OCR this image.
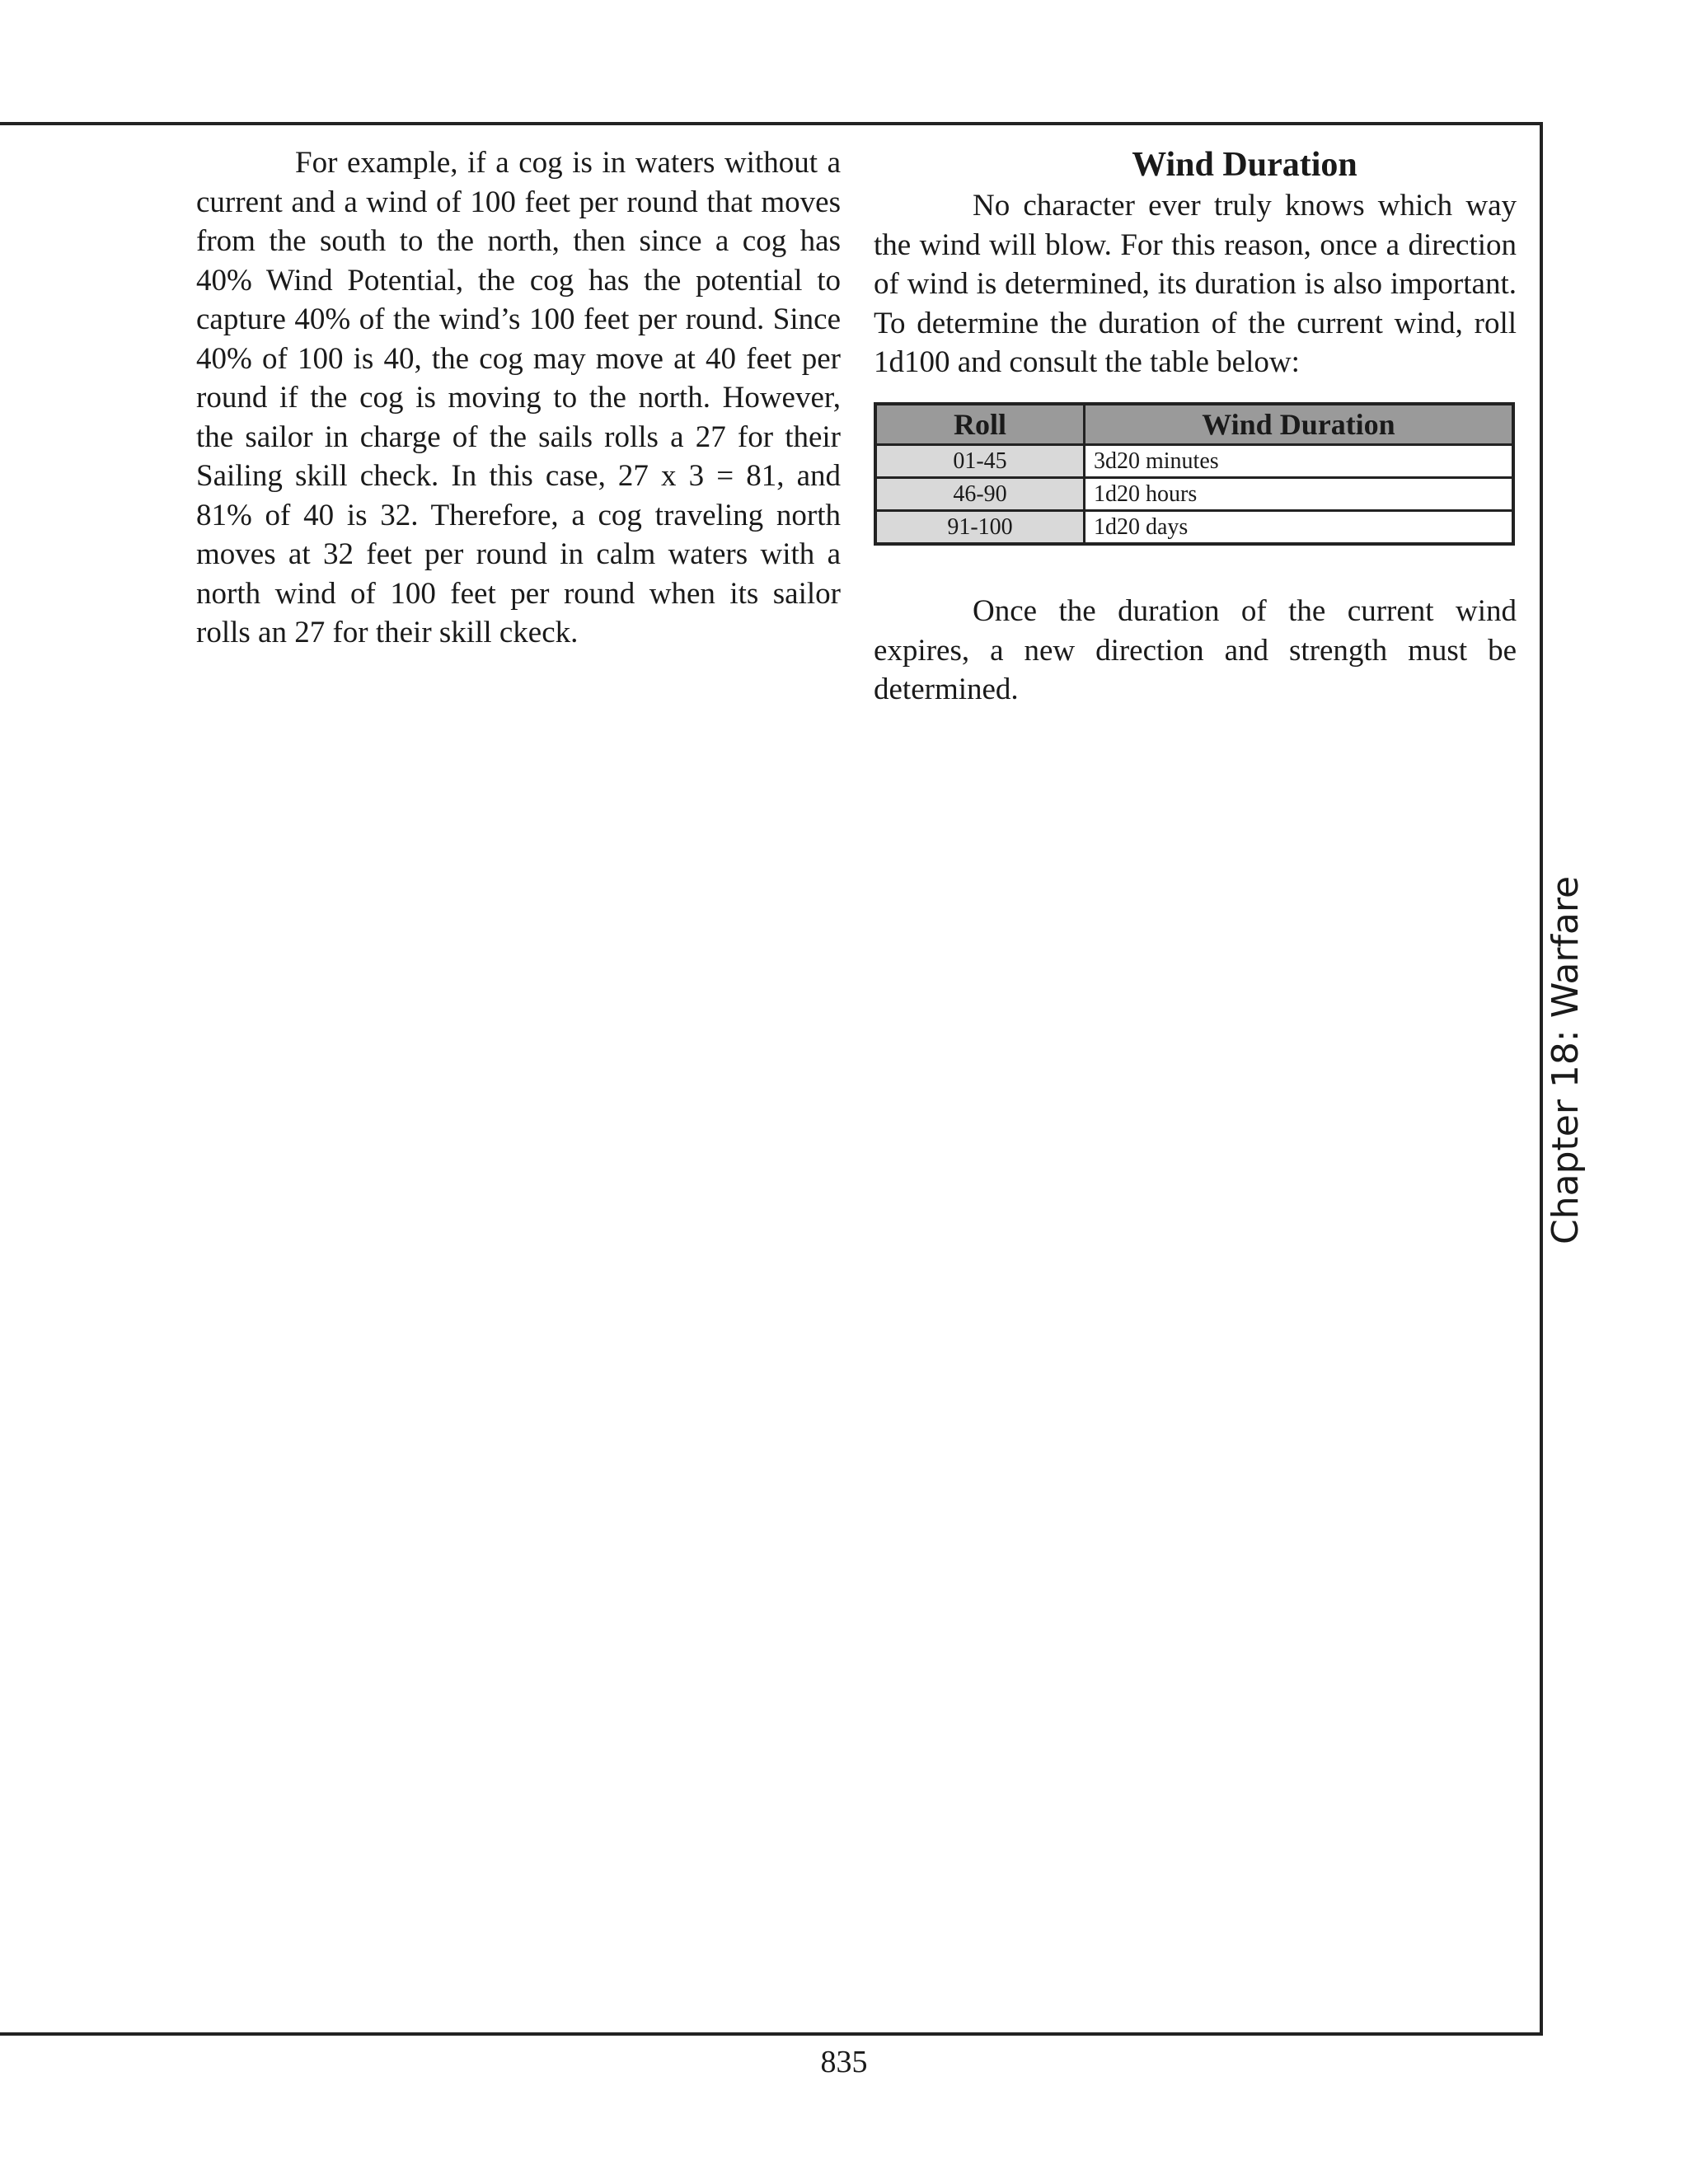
For example, if a cog is in waters without a current and a wind of 100 feet per round that moves from the south to the north, then since a cog has 40% Wind Potential, the cog has the potential to capture 40% of the wind’s 100 feet per round. Since 40% of 100 is 40, the cog may move at 40 feet per round if the cog is moving to the north. However, the sailor in charge of the sails rolls a 27 for their Sailing skill check. In this case, 27 x 3 = 81, and 81% of 40 is 32. Therefore, a cog traveling north moves at 32 feet per round in calm waters with a north wind of 100 feet per round when its sailor rolls an 27 for their skill ckeck.

Wind Duration

No character ever truly knows which way the wind will blow. For this reason, once a direction of wind is determined, its duration is also important. To determine the duration of the current wind, roll 1d100 and consult the table below:

Roll	Wind Duration
01-45	3d20 minutes
46-90	1d20 hours
91-100	1d20 days

Once the duration of the current wind expires, a new direction and strength must be determined.

Chapter 18: Warfare
835
